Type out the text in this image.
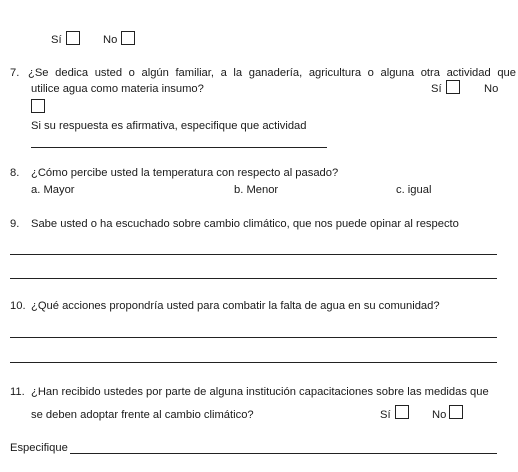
Sí	No
7. ¿Se dedica usted o algún familiar, a la ganadería, agricultura o alguna otra actividad que
utilice agua como materia insumo?	Sí	No
Si su respuesta es afirmativa, especifique que actividad
8. ¿Cómo percibe usted la temperatura con respecto al pasado?
a. Mayor	b. Menor	c. igual
9. Sabe usted o ha escuchado sobre cambio climático, que nos puede opinar al respecto
10. ¿Qué acciones propondría usted para combatir la falta de agua en su comunidad?
11. ¿Han recibido ustedes por parte de alguna institución capacitaciones sobre las medidas que
se deben adoptar frente al cambio climático?	Sí	No
Especifique
